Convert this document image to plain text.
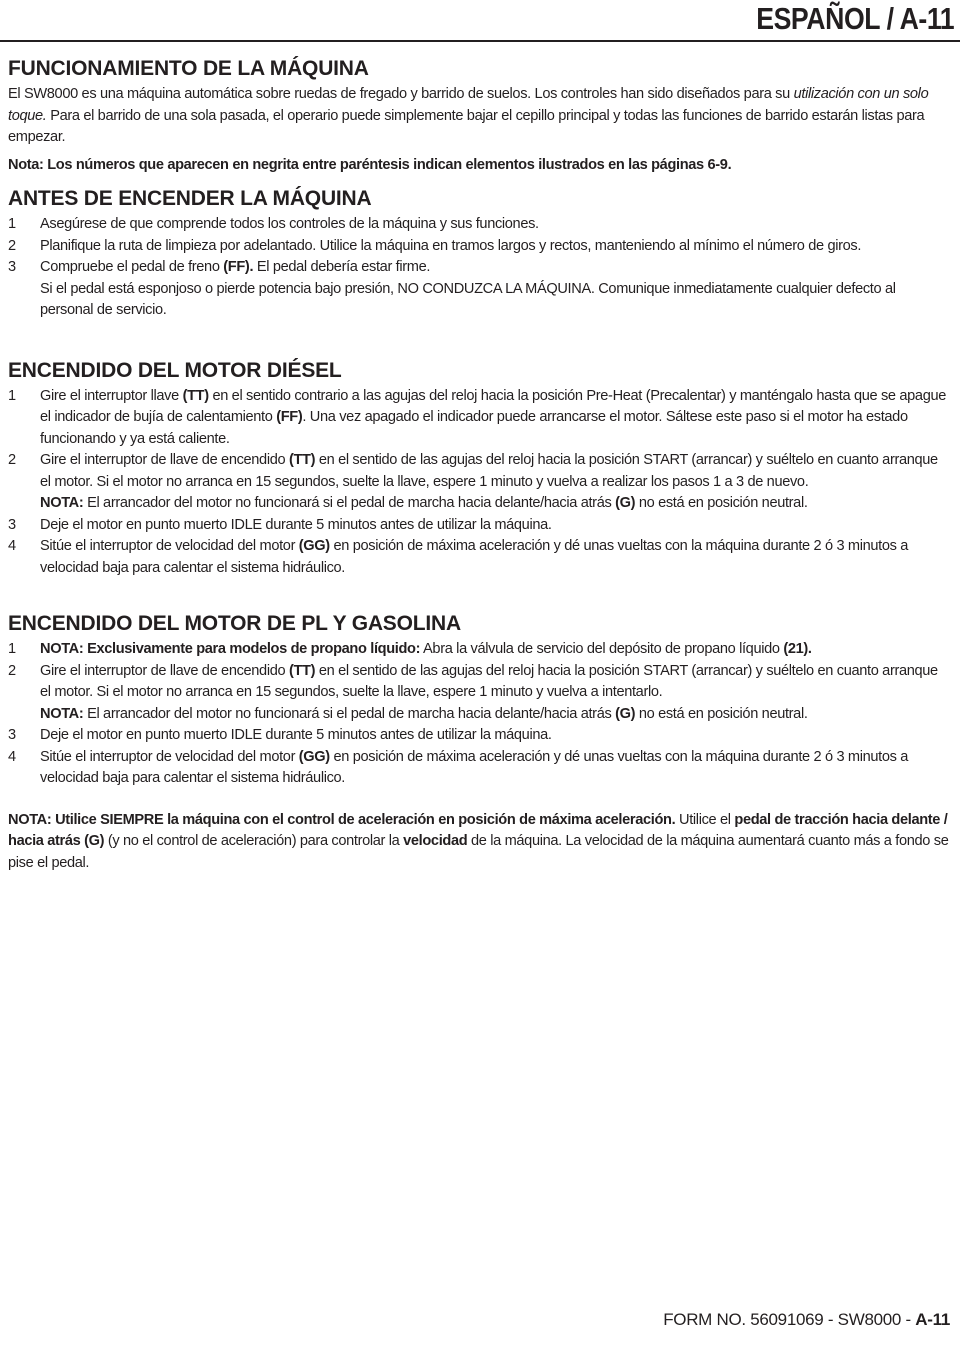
ESPAÑOL / A-11
FUNCIONAMIENTO DE LA MÁQUINA

El SW8000 es una máquina automática sobre ruedas de fregado y barrido de suelos. Los controles han sido diseñados para su utilización con un solo toque. Para el barrido de una sola pasada, el operario puede simplemente bajar el cepillo principal y todas las funciones de barrido estarán listas para empezar.

Nota: Los números que aparecen en negrita entre paréntesis indican elementos ilustrados en las páginas 6-9.

ANTES DE ENCENDER LA MÁQUINA
1 Asegúrese de que comprende todos los controles de la máquina y sus funciones.
2 Planifique la ruta de limpieza por adelantado. Utilice la máquina en tramos largos y rectos, manteniendo al mínimo el número de giros.
3 Compruebe el pedal de freno (FF). El pedal debería estar firme.
Si el pedal está esponjoso o pierde potencia bajo presión, NO CONDUZCA LA MÁQUINA. Comunique inmediatamente cualquier defecto al personal de servicio.
ENCENDIDO DEL MOTOR DIÉSEL
1 Gire el interruptor llave (TT) en el sentido contrario a las agujas del reloj hacia la posición Pre-Heat (Precalentar) y manténgalo hasta que se apague el indicador de bujía de calentamiento (FF). Una vez apagado el indicador puede arrancarse el motor. Sáltese este paso si el motor ha estado funcionando y ya está caliente.
2 Gire el interruptor de llave de encendido (TT) en el sentido de las agujas del reloj hacia la posición START (arrancar) y suéltelo en cuanto arranque el motor. Si el motor no arranca en 15 segundos, suelte la llave, espere 1 minuto y vuelva a realizar los pasos 1 a 3 de nuevo.
NOTA: El arrancador del motor no funcionará si el pedal de marcha hacia delante/hacia atrás (G) no está en posición neutral.
3 Deje el motor en punto muerto IDLE durante 5 minutos antes de utilizar la máquina.
4 Sitúe el interruptor de velocidad del motor (GG) en posición de máxima aceleración y dé unas vueltas con la máquina durante 2 ó 3 minutos a velocidad baja para calentar el sistema hidráulico.
ENCENDIDO DEL MOTOR DE PL Y GASOLINA
1 NOTA: Exclusivamente para modelos de propano líquido: Abra la válvula de servicio del depósito de propano líquido (21).
2 Gire el interruptor de llave de encendido (TT) en el sentido de las agujas del reloj hacia la posición START (arrancar) y suéltelo en cuanto arranque el motor. Si el motor no arranca en 15 segundos, suelte la llave, espere 1 minuto y vuelva a intentarlo.
NOTA: El arrancador del motor no funcionará si el pedal de marcha hacia delante/hacia atrás (G) no está en posición neutral.
3 Deje el motor en punto muerto IDLE durante 5 minutos antes de utilizar la máquina.
4 Sitúe el interruptor de velocidad del motor (GG) en posición de máxima aceleración y dé unas vueltas con la máquina durante 2 ó 3 minutos a velocidad baja para calentar el sistema hidráulico.

NOTA: Utilice SIEMPRE la máquina con el control de aceleración en posición de máxima aceleración. Utilice el pedal de tracción hacia delante / hacia atrás (G) (y no el control de aceleración) para controlar la velocidad de la máquina. La velocidad de la máquina aumentará cuanto más a fondo se pise el pedal.

FORM NO. 56091069 - SW8000 - A-11
